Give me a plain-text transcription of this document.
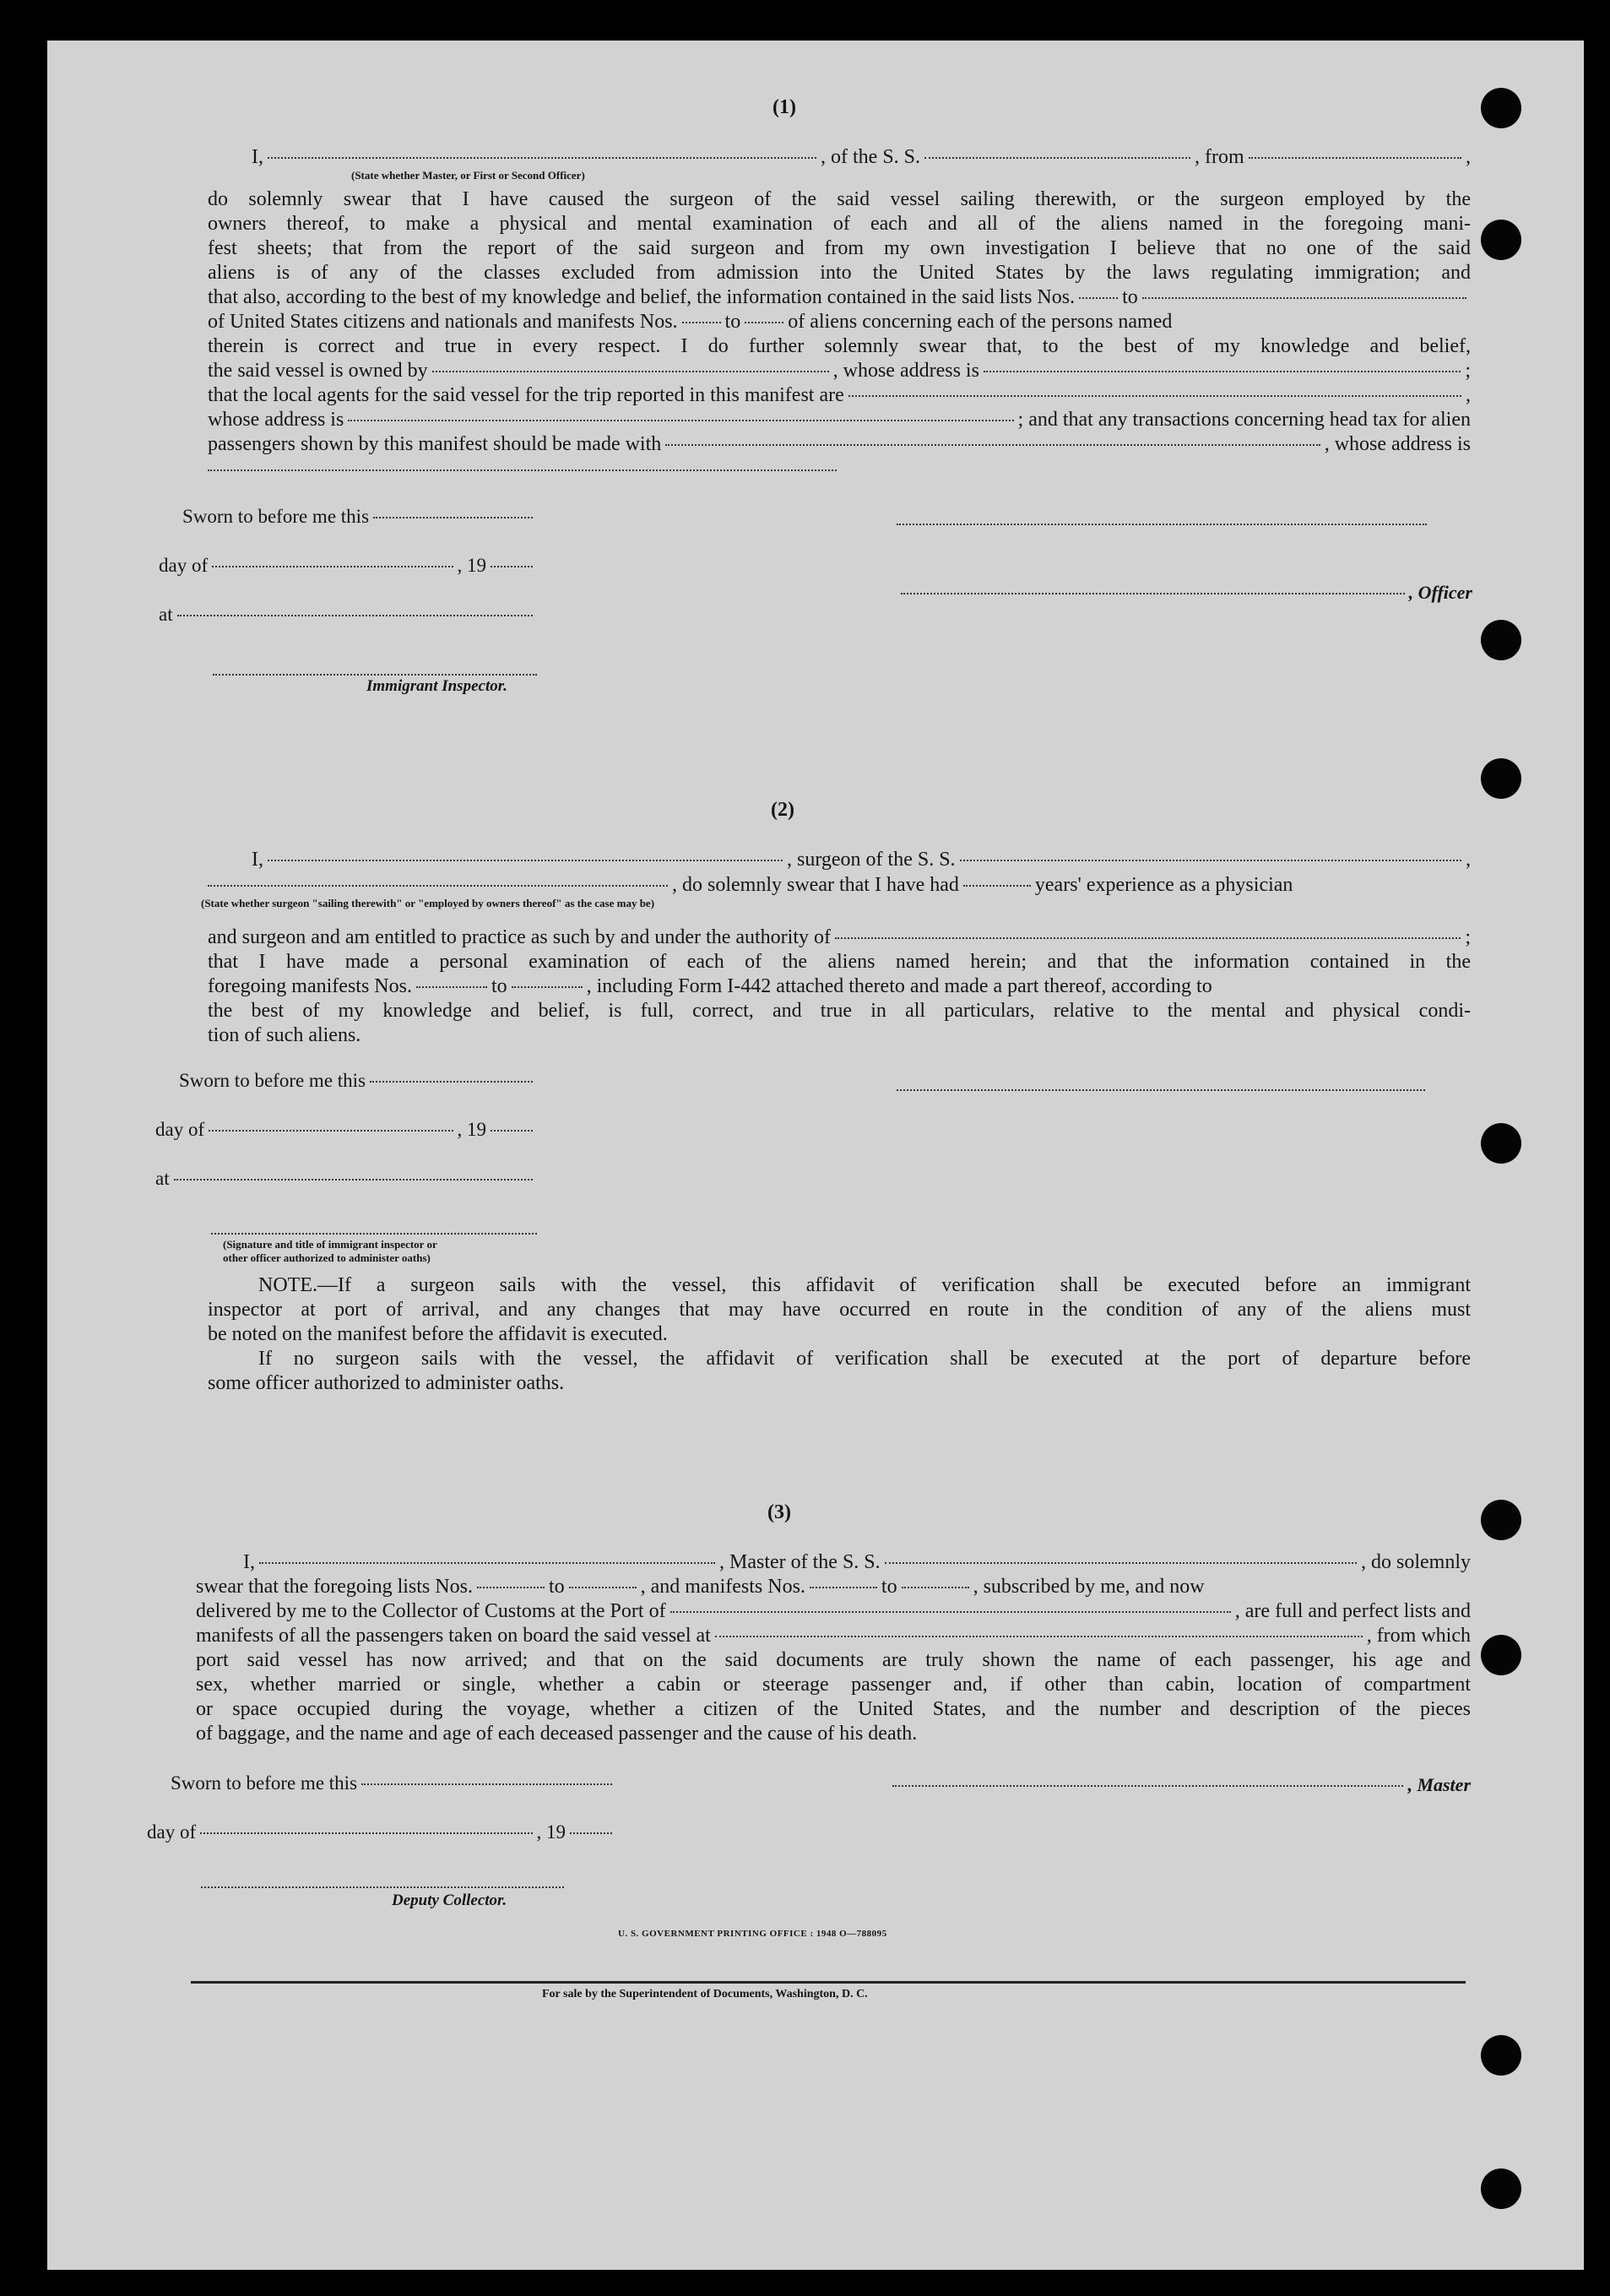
(1)
I,	, of the S. S.	, from	,
(State whether Master, or First or Second Officer)
do solemnly swear that I have caused the surgeon of the said vessel sailing therewith, or the surgeon employed by the
owners thereof, to make a physical and mental examination of each and all of the aliens named in the foregoing mani-
fest sheets; that from the report of the said surgeon and from my own investigation I believe that no one of the said
aliens is of any of the classes excluded from admission into the United States by the laws regulating immigration; and
that also, according to the best of my knowledge and belief, the information contained in the said lists Nos. to
of United States citizens and nationals and manifests Nos. to of aliens concerning each of the persons named
therein is correct and true in every respect. I do further solemnly swear that, to the best of my knowledge and belief,
the said vessel is owned by	, whose address is	;
that the local agents for the said vessel for the trip reported in this manifest are	,
whose address is	; and that any transactions concerning head tax for alien
passengers shown by this manifest should be made with	, whose address is
Sworn to before me this
day of	, 19
at
Immigrant Inspector.
, Officer
(2)
I,	, surgeon of the S. S.	,
, do solemnly swear that I have had	years' experience as a physician
(State whether surgeon "sailing therewith" or "employed by owners thereof" as the case may be)
and surgeon and am entitled to practice as such by and under the authority of	;
that I have made a personal examination of each of the aliens named herein; and that the information contained in the
foregoing manifests Nos.	to	, including Form I-442 attached thereto and made a part thereof, according to
the best of my knowledge and belief, is full, correct, and true in all particulars, relative to the mental and physical condi-
tion of such aliens.
Sworn to before me this
day of	, 19
at
(Signature and title of immigrant inspector or
other officer authorized to administer oaths)
NOTE.—If a surgeon sails with the vessel, this affidavit of verification shall be executed before an immigrant
inspector at port of arrival, and any changes that may have occurred en route in the condition of any of the aliens must
be noted on the manifest before the affidavit is executed.
If no surgeon sails with the vessel, the affidavit of verification shall be executed at the port of departure before
some officer authorized to administer oaths.
(3)
I,	, Master of the S. S.	, do solemnly
swear that the foregoing lists Nos.	to	, and manifests Nos.	to	, subscribed by me, and now
delivered by me to the Collector of Customs at the Port of	, are full and perfect lists and
manifests of all the passengers taken on board the said vessel at	, from which
port said vessel has now arrived; and that on the said documents are truly shown the name of each passenger, his age and
sex, whether married or single, whether a cabin or steerage passenger and, if other than cabin, location of compartment
or space occupied during the voyage, whether a citizen of the United States, and the number and description of the pieces
of baggage, and the name and age of each deceased passenger and the cause of his death.
Sworn to before me this
day of	, 19
Deputy Collector.
, Master
U. S. GOVERNMENT PRINTING OFFICE : 1948 O—788095
For sale by the Superintendent of Documents, Washington, D. C.
